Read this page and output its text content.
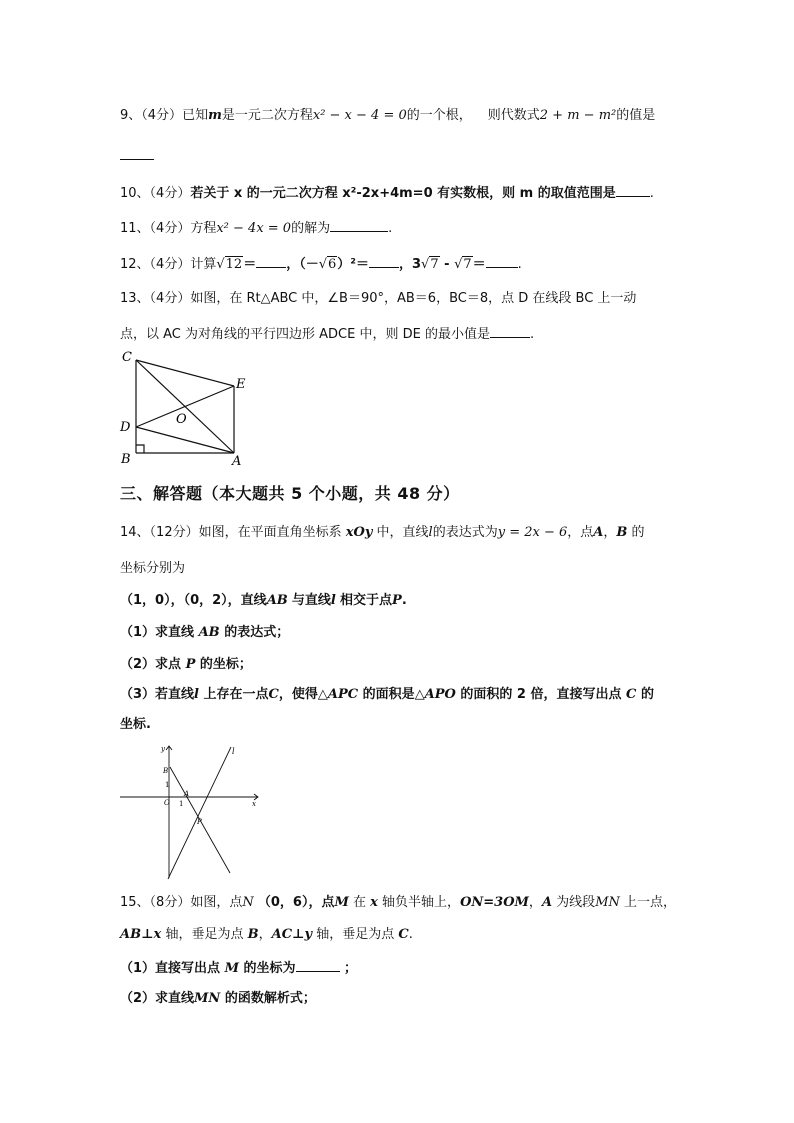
9、（4分）已知m是一元二次方程x² − x − 4 = 0的一个根， 则代数式2 + m − m²的值是
10、（4分）若关于 x 的一元二次方程 x²-2x+4m=0 有实数根，则 m 的取值范围是	.
11、（4分）方程x² − 4x = 0的解为	.
12、（4分）计算√12＝ ，（－√6）²＝ ，3√7 - √7＝ .
13、（4分）如图，在 Rt△ABC 中，∠B＝90°，AB＝6，BC＝8，点 D 在线段 BC 上一动
点，以 AC 为对角线的平行四边形 ADCE 中，则 DE 的最小值是	.
C
E
O
D
B	A
三、解答题（本大题共 5 个小题，共 48 分）
14、（12分）如图，在平面直角坐标系 xOy 中，直线l的表达式为y = 2x − 6，点A，B 的
坐标分别为
（1，0），（0，2），直线AB 与直线l 相交于点P.
（1）求直线 AB 的表达式；
（2）求点 P 的坐标；
（3）若直线l 上存在一点C，使得△APC 的面积是△APO 的面积的 2 倍，直接写出点 C 的
坐标.
y	l
B
1
A
O 1	x
P
15、（8分）如图，点N （0，6），点M 在 x 轴负半轴上，ON=3OM，A 为线段MN 上一点，
AB⊥x 轴，垂足为点 B，AC⊥y 轴，垂足为点 C.
（1）直接写出点 M 的坐标为	；
（2）求直线MN 的函数解析式；
